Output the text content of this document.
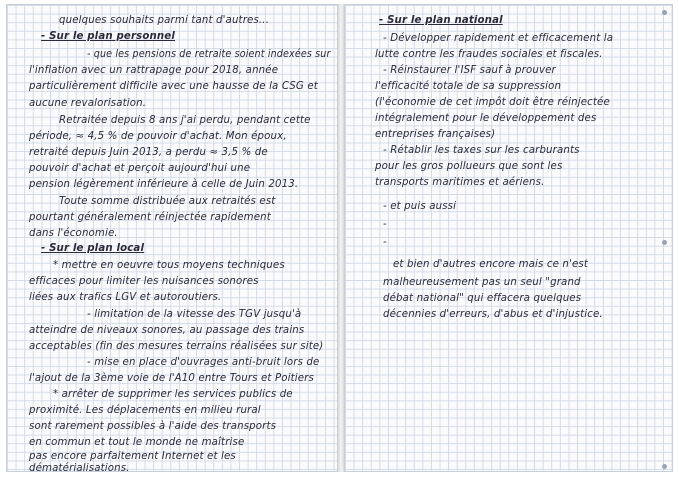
quelques souhaits parmi tant d'autres...
- Sur le plan personnel
- que les pensions de retraite soient indexées sur
l'inflation avec un rattrapage pour 2018, année
particulièrement difficile avec une hausse de la CSG et
aucune revalorisation.
Retraitée depuis 8 ans j'ai perdu, pendant cette
période, ≈ 4,5 % de pouvoir d'achat. Mon époux,
retraité depuis Juin 2013, a perdu ≈ 3,5 % de
pouvoir d'achat et perçoit aujourd'hui une
pension légèrement inférieure à celle de Juin 2013.
Toute somme distribuée aux retraités est
pourtant généralement réinjectée rapidement
dans l'économie.
- Sur le plan local
* mettre en oeuvre tous moyens techniques
efficaces pour limiter les nuisances sonores
liées aux trafics LGV et autoroutiers.
- limitation de la vitesse des TGV jusqu'à
atteindre de niveaux sonores, au passage des trains
acceptables (fin des mesures terrains réalisées sur site)
- mise en place d'ouvrages anti-bruit lors de
l'ajout de la 3ème voie de l'A10 entre Tours et Poitiers
* arrêter de supprimer les services publics de
proximité. Les déplacements en milieu rural
sont rarement possibles à l'aide des transports
en commun et tout le monde ne maîtrise
pas encore parfaitement Internet et les
dématérialisations.
- Sur le plan national
- Développer rapidement et efficacement la
lutte contre les fraudes sociales et fiscales.
- Réinstaurer l'ISF sauf à prouver
l'efficacité totale de sa suppression
(l'économie de cet impôt doit être réinjectée
intégralement pour le développement des
entreprises françaises)
- Rétablir les taxes sur les carburants
pour les gros pollueurs que sont les
transports maritimes et aériens.
- et puis aussi
-
-
et bien d'autres encore mais ce n'est
malheureusement pas un seul "grand
débat national" qui effacera quelques
décennies d'erreurs, d'abus et d'injustice.
